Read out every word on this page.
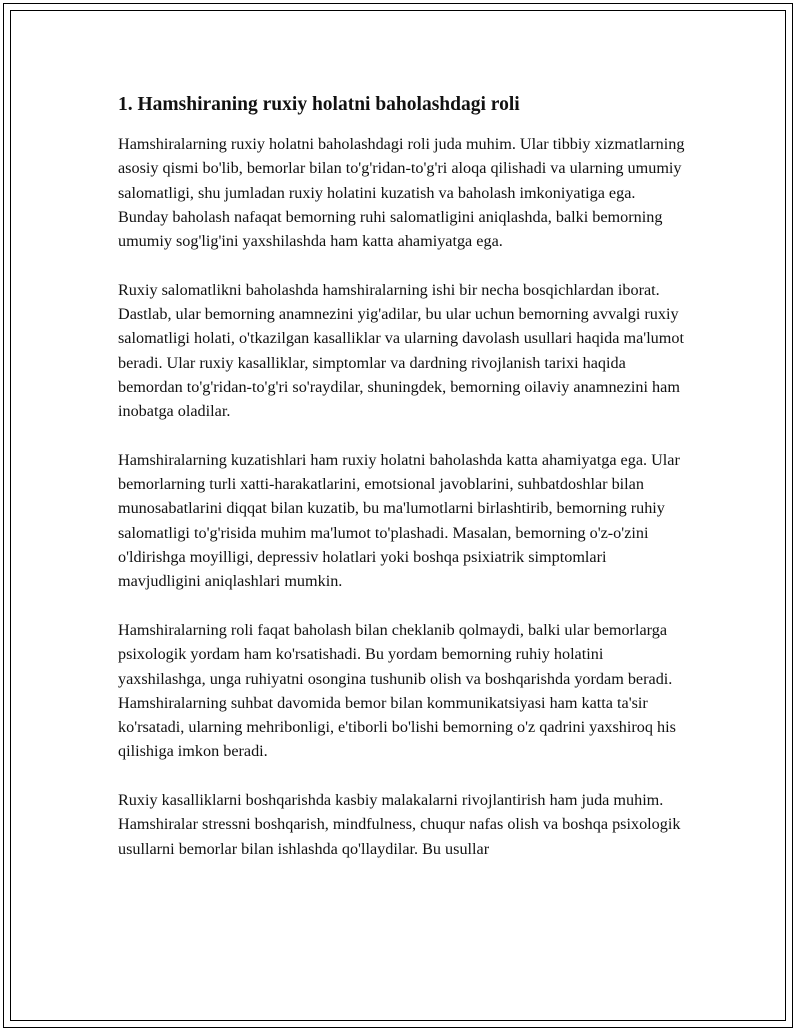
1. Hamshiraning ruxiy holatni baholashdagi roli

Hamshiralarning ruxiy holatni baholashdagi roli juda muhim. Ular tibbiy xizmatlarning asosiy qismi bo'lib, bemorlar bilan to'g'ridan-to'g'ri aloqa qilishadi va ularning umumiy salomatligi, shu jumladan ruxiy holatini kuzatish va baholash imkoniyatiga ega. Bunday baholash nafaqat bemorning ruhi salomatligini aniqlashda, balki bemorning umumiy sog'lig'ini yaxshilashda ham katta ahamiyatga ega.

Ruxiy salomatlikni baholashda hamshiralarning ishi bir necha bosqichlardan iborat. Dastlab, ular bemorning anamnezini yig'adilar, bu ular uchun bemorning avvalgi ruxiy salomatligi holati, o'tkazilgan kasalliklar va ularning davolash usullari haqida ma'lumot beradi. Ular ruxiy kasalliklar, simptomlar va dardning rivojlanish tarixi haqida bemordan to'g'ridan-to'g'ri so'raydilar, shuningdek, bemorning oilaviy anamnezini ham inobatga oladilar.

Hamshiralarning kuzatishlari ham ruxiy holatni baholashda katta ahamiyatga ega. Ular bemorlarning turli xatti-harakatlarini, emotsional javoblarini, suhbatdoshlar bilan munosabatlarini diqqat bilan kuzatib, bu ma'lumotlarni birlashtirib, bemorning ruhiy salomatligi to'g'risida muhim ma'lumot to'plashadi. Masalan, bemorning o'z-o'zini o'ldirishga moyilligi, depressiv holatlari yoki boshqa psixiatrik simptomlari mavjudligini aniqlashlari mumkin.

Hamshiralarning roli faqat baholash bilan cheklanib qolmaydi, balki ular bemorlarga psixologik yordam ham ko'rsatishadi. Bu yordam bemorning ruhiy holatini yaxshilashga, unga ruhiyatni osongina tushunib olish va boshqarishda yordam beradi. Hamshiralarning suhbat davomida bemor bilan kommunikatsiyasi ham katta ta'sir ko'rsatadi, ularning mehribonligi, e'tiborli bo'lishi bemorning o'z qadrini yaxshiroq his qilishiga imkon beradi.

Ruxiy kasalliklarni boshqarishda kasbiy malakalarni rivojlantirish ham juda muhim. Hamshiralar stressni boshqarish, mindfulness, chuqur nafas olish va boshqa psixologik usullarni bemorlar bilan ishlashda qo'llaydilar. Bu usullar
